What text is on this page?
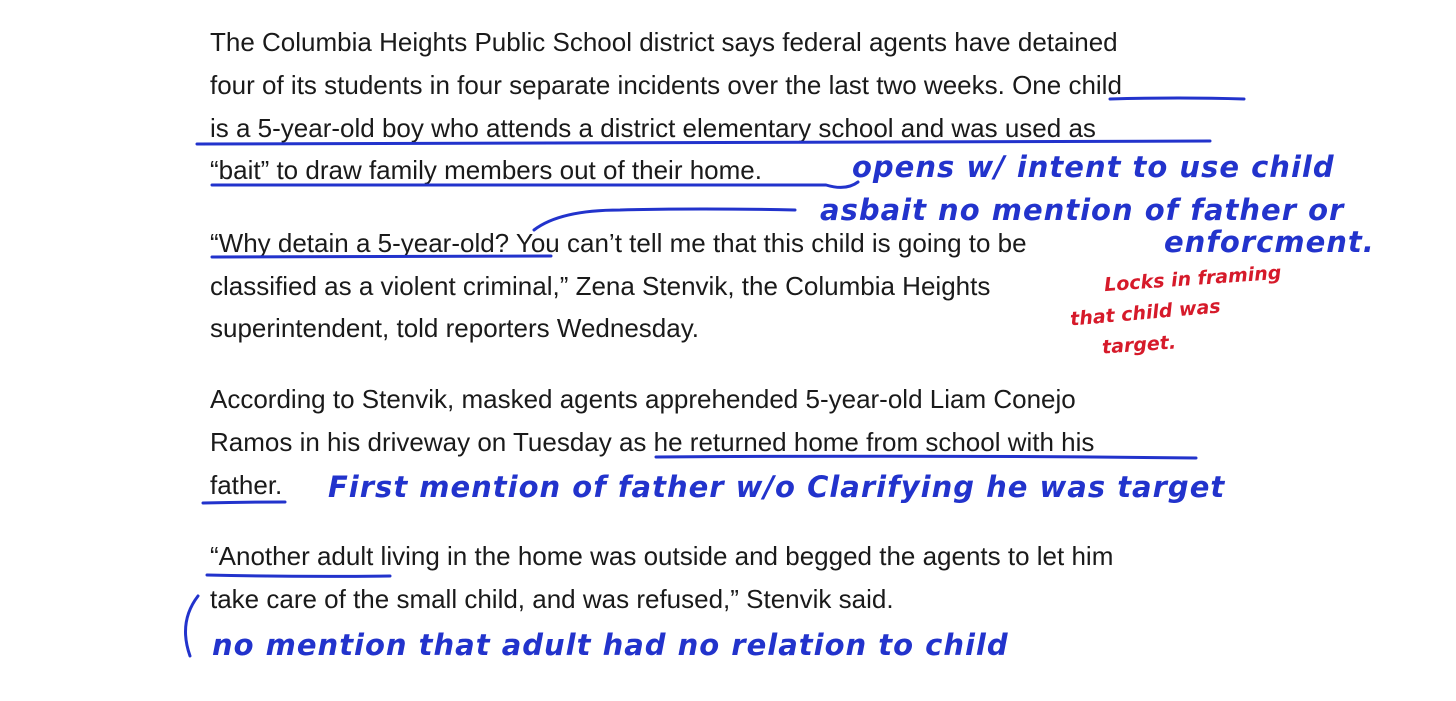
The Columbia Heights Public School district says federal agents have detained

four of its students in four separate incidents over the last two weeks. One child

is a 5-year-old boy who attends a district elementary school and was used as

“bait” to draw family members out of their home.

“Why detain a 5-year-old? You can’t tell me that this child is going to be

classified as a violent criminal,” Zena Stenvik, the Columbia Heights

superintendent, told reporters Wednesday.

According to Stenvik, masked agents apprehended 5-year-old Liam Conejo

Ramos in his driveway on Tuesday as he returned home from school with his

father.

“Another adult living in the home was outside and begged the agents to let him

take care of the small child, and was refused,” Stenvik said.

opens w/ intent to use child
asbait no mention of father or
enforcment.
Locks in framing
that child was
target.
First mention of father w/o Clarifying he was target
no mention that adult had no relation to child
